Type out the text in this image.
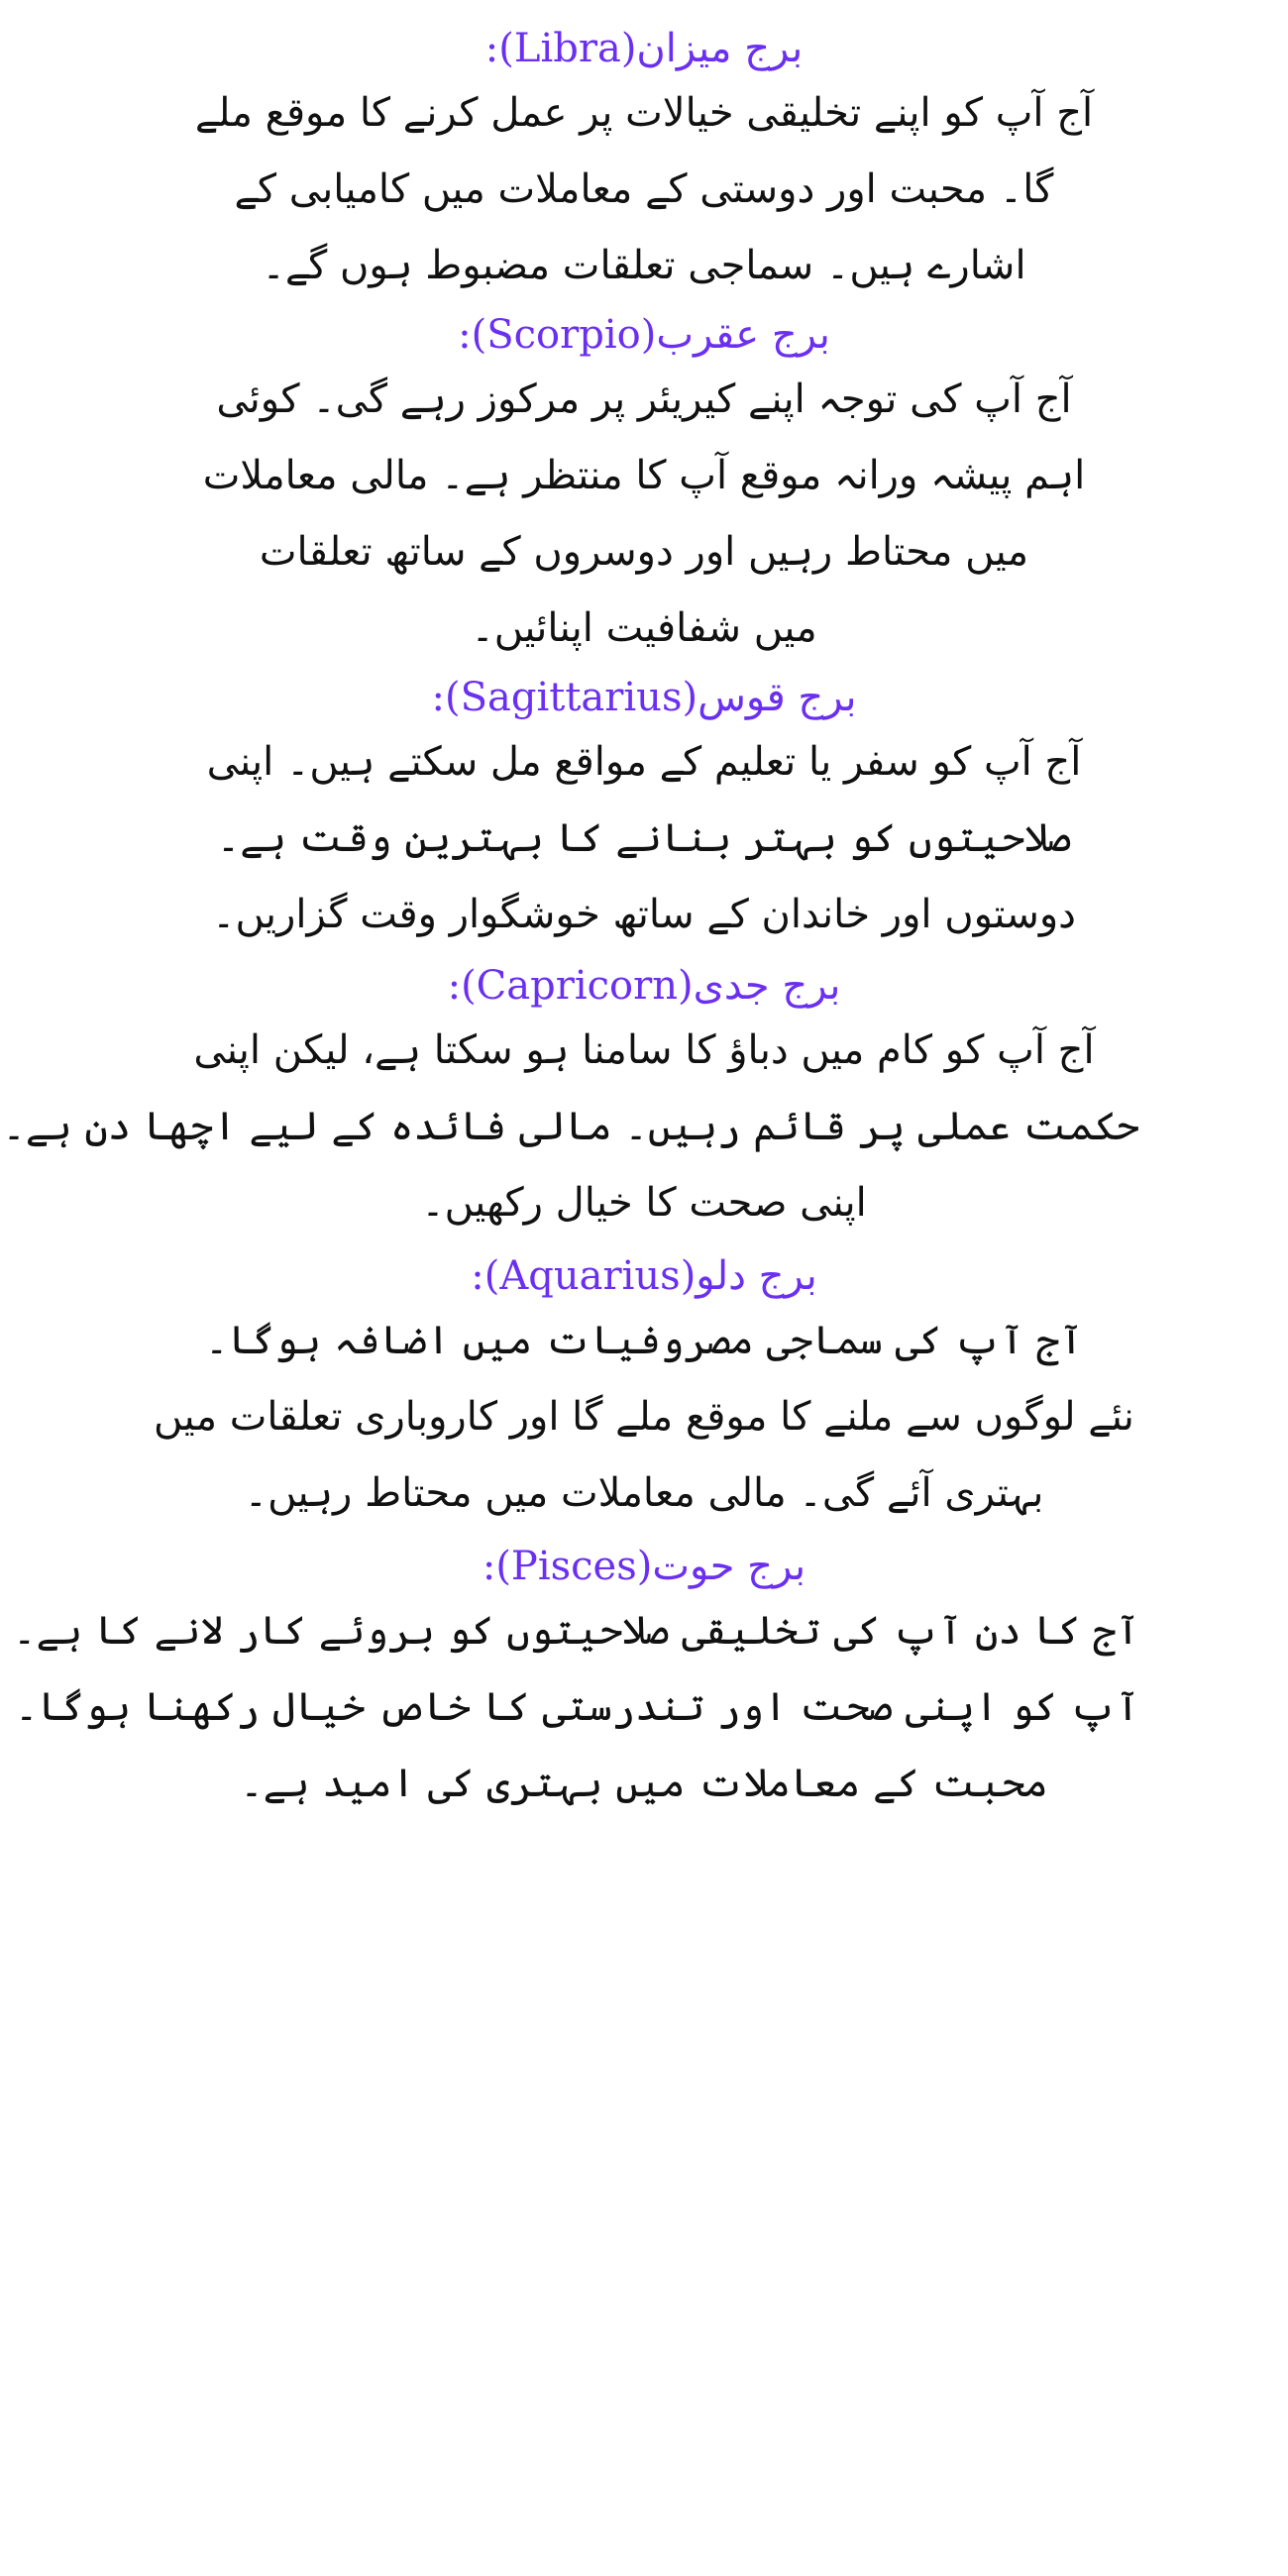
برج میزان(Libra):
آج آپ کو اپنے تخلیقی خیالات پر عمل کرنے کا موقع ملے
گا۔ محبت اور دوستی کے معاملات میں کامیابی کے
اشارے ہیں۔ سماجی تعلقات مضبوط ہوں گے۔
برج عقرب(Scorpio):
آج آپ کی توجہ اپنے کیریئر پر مرکوز رہے گی۔ کوئی
اہم پیشہ ورانہ موقع آپ کا منتظر ہے۔ مالی معاملات
میں محتاط رہیں اور دوسروں کے ساتھ تعلقات
میں شفافیت اپنائیں۔
برج قوس(Sagittarius):
آج آپ کو سفر یا تعلیم کے مواقع مل سکتے ہیں۔ اپنی
صلاحیتوں کو بہتر بنانے کا بہترین وقت ہے۔
دوستوں اور خاندان کے ساتھ خوشگوار وقت گزاریں۔
برج جدی(Capricorn):
آج آپ کو کام میں دباؤ کا سامنا ہو سکتا ہے، لیکن اپنی
حکمت عملی پر قائم رہیں۔ مالی فائدہ کے لیے اچھا دن ہے۔
اپنی صحت کا خیال رکھیں۔
برج دلو(Aquarius):
آج آپ کی سماجی مصروفیات میں اضافہ ہوگا۔
نئے لوگوں سے ملنے کا موقع ملے گا اور کاروباری تعلقات میں
بہتری آئے گی۔ مالی معاملات میں محتاط رہیں۔
برج حوت(Pisces):
آج کا دن آپ کی تخلیقی صلاحیتوں کو بروئے کار لانے کا ہے۔
آپ کو اپنی صحت اور تندرستی کا خاص خیال رکھنا ہوگا۔
محبت کے معاملات میں بہتری کی امید ہے۔
